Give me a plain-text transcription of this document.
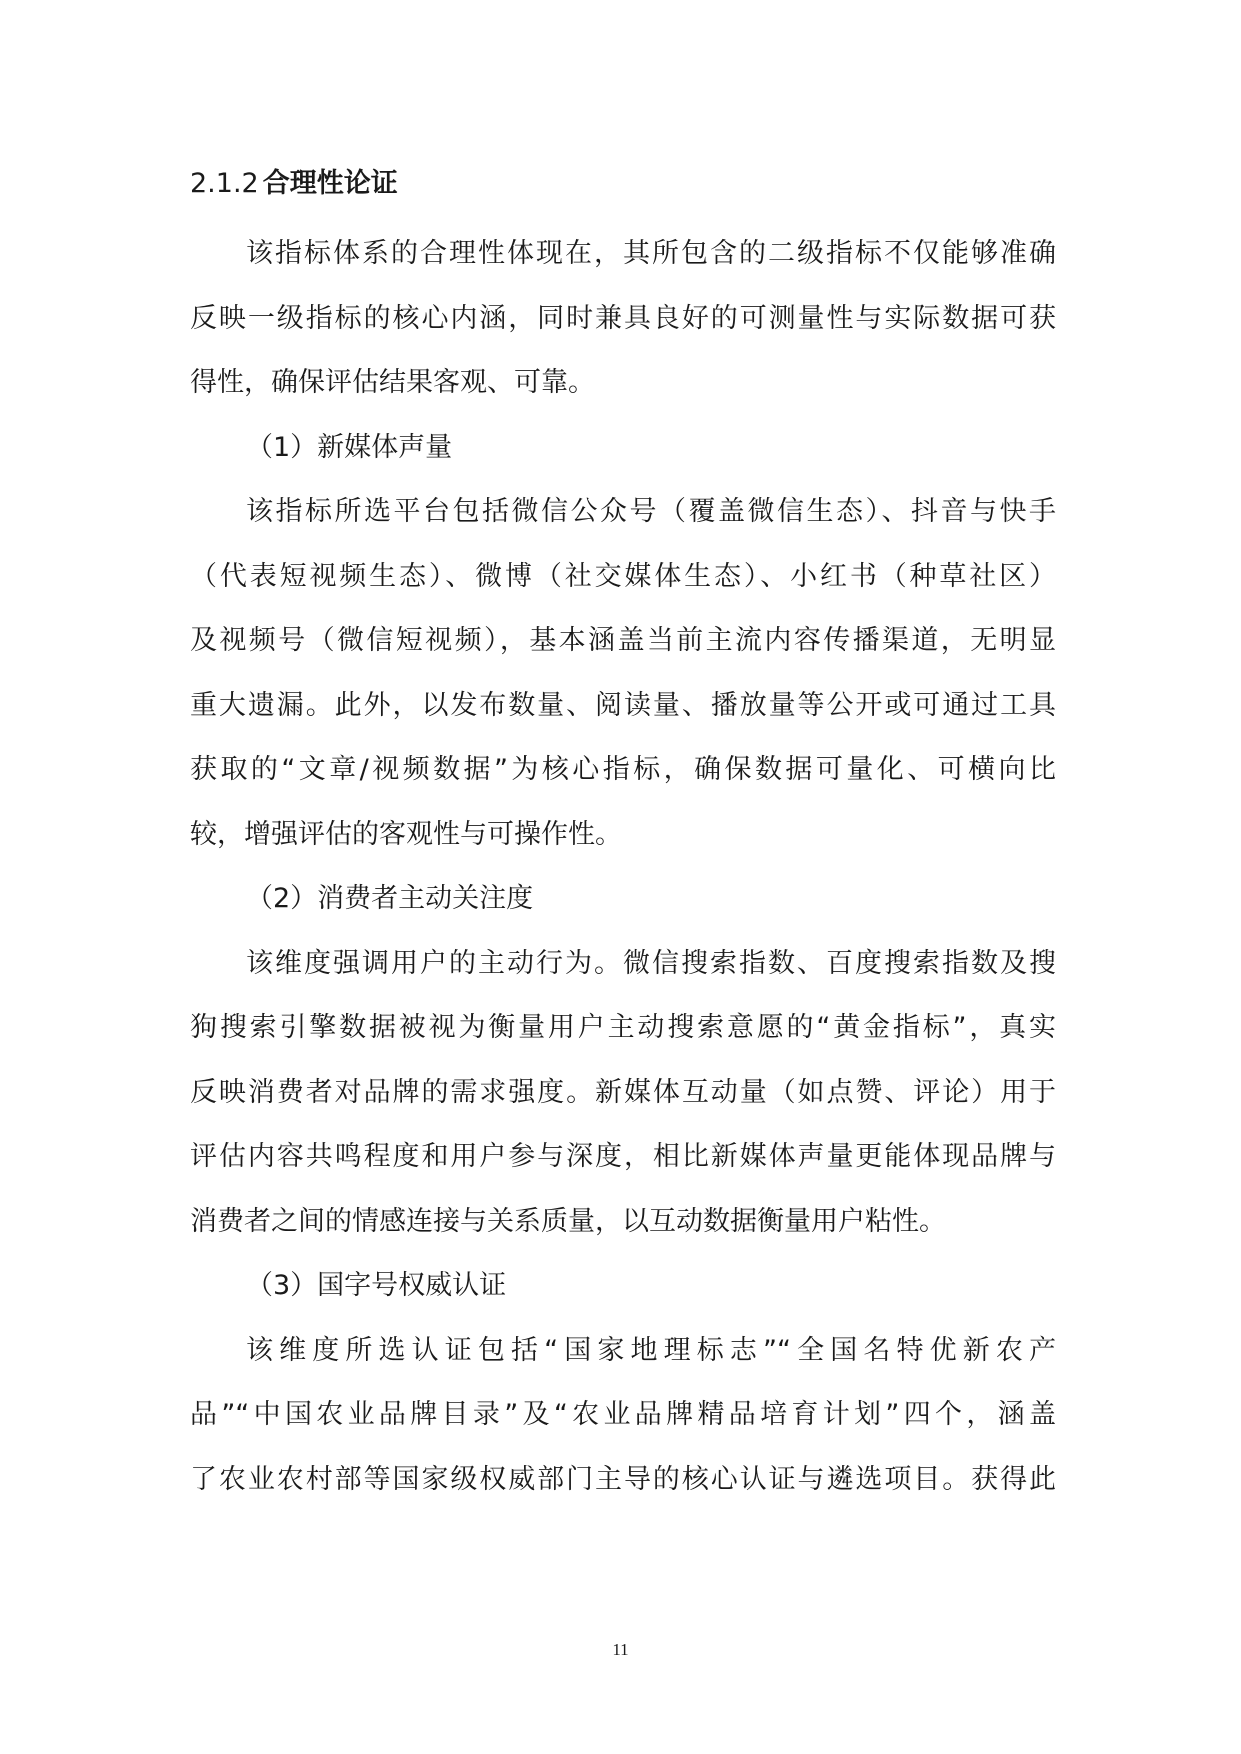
2.1.2 合理性论证
该指标体系的合理性体现在，其所包含的二级指标不仅能够准确
反映一级指标的核心内涵，同时兼具良好的可测量性与实际数据可获
得性，确保评估结果客观、可靠。
（1）新媒体声量
该指标所选平台包括微信公众号（覆盖微信生态）、抖音与快手
（代表短视频生态）、微博（社交媒体生态）、小红书（种草社区）
及视频号（微信短视频），基本涵盖当前主流内容传播渠道，无明显
重大遗漏。此外，以发布数量、阅读量、播放量等公开或可通过工具
获取的“文章/视频数据”为核心指标，确保数据可量化、可横向比
较，增强评估的客观性与可操作性。
（2）消费者主动关注度
该维度强调用户的主动行为。微信搜索指数、百度搜索指数及搜
狗搜索引擎数据被视为衡量用户主动搜索意愿的“黄金指标”，真实
反映消费者对品牌的需求强度。新媒体互动量（如点赞、评论）用于
评估内容共鸣程度和用户参与深度，相比新媒体声量更能体现品牌与
消费者之间的情感连接与关系质量，以互动数据衡量用户粘性。
（3）国字号权威认证
该维度所选认证包括“国家地理标志”“全国名特优新农产
品”“中国农业品牌目录”及“农业品牌精品培育计划”四个，涵盖
了农业农村部等国家级权威部门主导的核心认证与遴选项目。获得此
11
